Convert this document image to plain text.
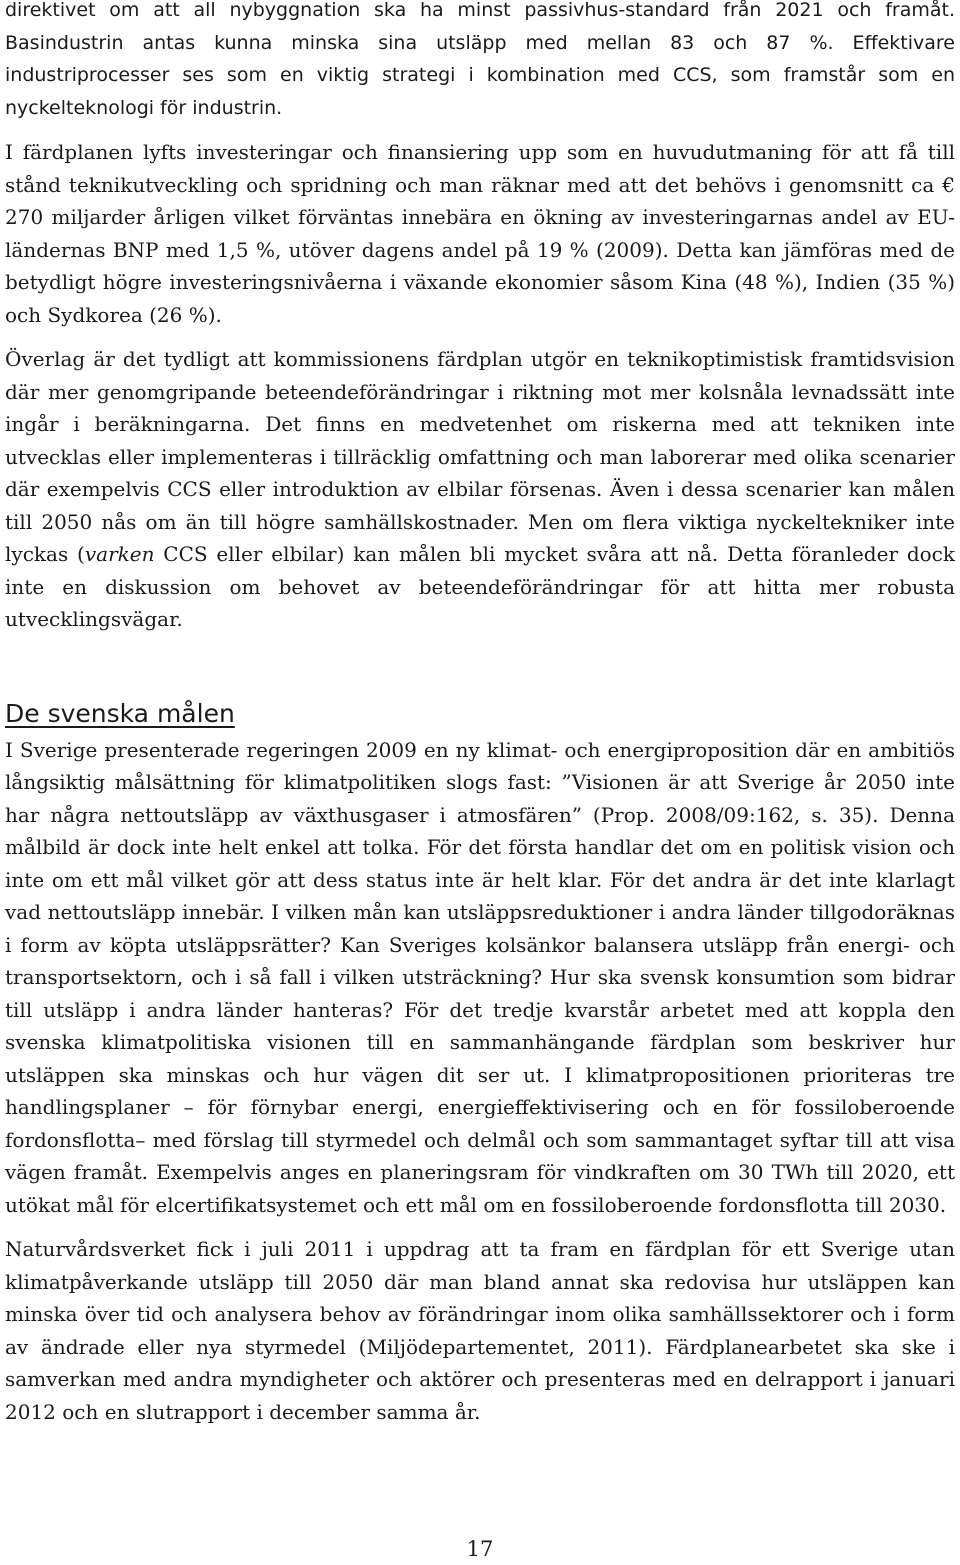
direktivet om att all nybyggnation ska ha minst passivhus-standard från 2021 och framåt. Basindustrin antas kunna minska sina utsläpp med mellan 83 och 87 %. Effektivare industriprocesser ses som en viktig strategi i kombination med CCS, som framstår som en nyckelteknologi för industrin.

I färdplanen lyfts investeringar och finansiering upp som en huvudutmaning för att få till stånd teknikutveckling och spridning och man räknar med att det behövs i genomsnitt ca € 270 miljarder årligen vilket förväntas innebära en ökning av investeringarnas andel av EU-ländernas BNP med 1,5 %, utöver dagens andel på 19 % (2009). Detta kan jämföras med de betydligt högre investeringsnivåerna i växande ekonomier såsom Kina (48 %), Indien (35 %) och Sydkorea (26 %).

Överlag är det tydligt att kommissionens färdplan utgör en teknikoptimistisk framtidsvision där mer genomgripande beteendeförändringar i riktning mot mer kolsnåla levnadssätt inte ingår i beräkningarna. Det finns en medvetenhet om riskerna med att tekniken inte utvecklas eller implementeras i tillräcklig omfattning och man laborerar med olika scenarier där exempelvis CCS eller introduktion av elbilar försenas. Även i dessa scenarier kan målen till 2050 nås om än till högre samhällskostnader. Men om flera viktiga nyckeltekniker inte lyckas (varken CCS eller elbilar) kan målen bli mycket svåra att nå. Detta föranleder dock inte en diskussion om behovet av beteendeförändringar för att hitta mer robusta utvecklingsvägar.

De svenska målen

I Sverige presenterade regeringen 2009 en ny klimat- och energiproposition där en ambitiös långsiktig målsättning för klimatpolitiken slogs fast: ”Visionen är att Sverige år 2050 inte har några nettoutsläpp av växthusgaser i atmosfären” (Prop. 2008/09:162, s. 35). Denna målbild är dock inte helt enkel att tolka. För det första handlar det om en politisk vision och inte om ett mål vilket gör att dess status inte är helt klar. För det andra är det inte klarlagt vad nettoutsläpp innebär. I vilken mån kan utsläppsreduktioner i andra länder tillgodoräknas i form av köpta utsläppsrätter? Kan Sveriges kolsänkor balansera utsläpp från energi- och transportsektorn, och i så fall i vilken utsträckning? Hur ska svensk konsumtion som bidrar till utsläpp i andra länder hanteras? För det tredje kvarstår arbetet med att koppla den svenska klimatpolitiska visionen till en sammanhängande färdplan som beskriver hur utsläppen ska minskas och hur vägen dit ser ut. I klimatpropositionen prioriteras tre handlingsplaner – för förnybar energi, energieffektivisering och en för fossiloberoende fordonsflotta– med förslag till styrmedel och delmål och som sammantaget syftar till att visa vägen framåt. Exempelvis anges en planeringsram för vindkraften om 30 TWh till 2020, ett utökat mål för elcertifikatsystemet och ett mål om en fossiloberoende fordonsflotta till 2030.

Naturvårdsverket fick i juli 2011 i uppdrag att ta fram en färdplan för ett Sverige utan klimatpåverkande utsläpp till 2050 där man bland annat ska redovisa hur utsläppen kan minska över tid och analysera behov av förändringar inom olika samhällssektorer och i form av ändrade eller nya styrmedel (Miljödepartementet, 2011). Färdplanearbetet ska ske i samverkan med andra myndigheter och aktörer och presenteras med en delrapport i januari 2012 och en slutrapport i december samma år.

17
